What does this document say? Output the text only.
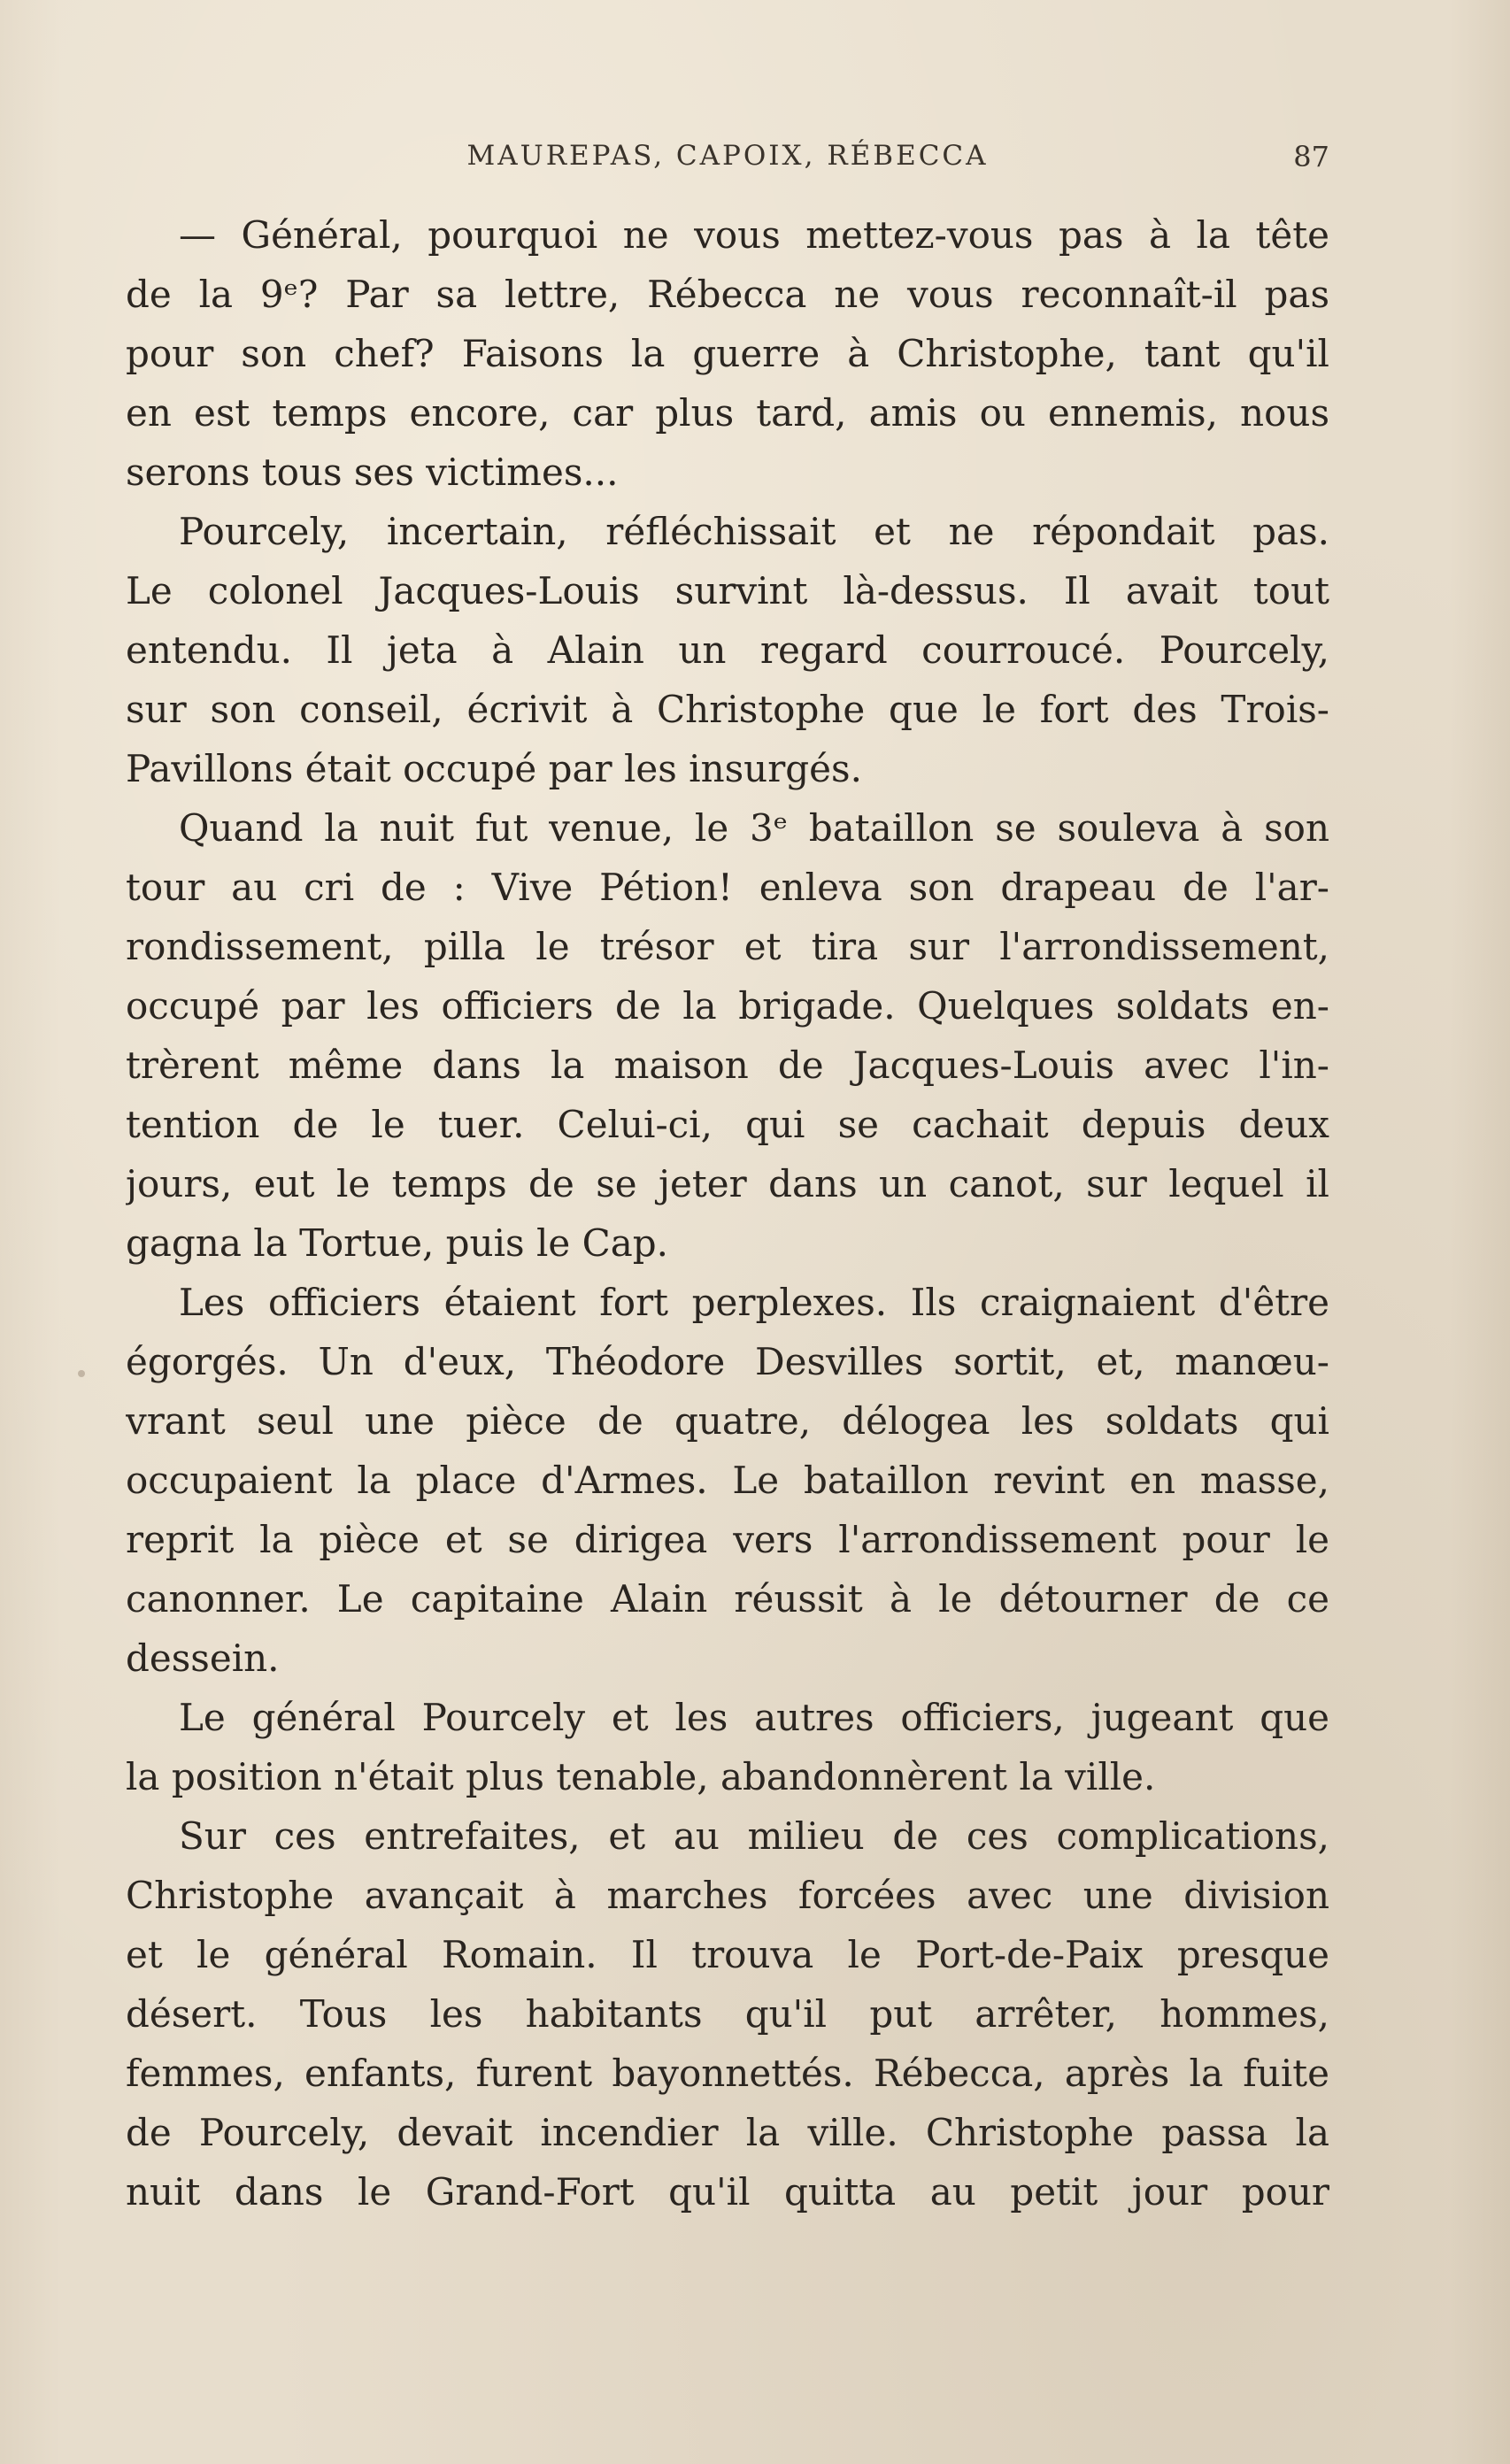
MAUREPAS, CAPOIX, RÉBECCA	87
— Général, pourquoi ne vous mettez-vous pas à la tête
de la 9ᵉ? Par sa lettre, Rébecca ne vous reconnaît-il pas
pour son chef? Faisons la guerre à Christophe, tant qu'il
en est temps encore, car plus tard, amis ou ennemis, nous
serons tous ses victimes...
Pourcely, incertain, réfléchissait et ne répondait pas.
Le colonel Jacques-Louis survint là-dessus. Il avait tout
entendu. Il jeta à Alain un regard courroucé. Pourcely,
sur son conseil, écrivit à Christophe que le fort des Trois-
Pavillons était occupé par les insurgés.
Quand la nuit fut venue, le 3ᵉ bataillon se souleva à son
tour au cri de : Vive Pétion! enleva son drapeau de l'ar-
rondissement, pilla le trésor et tira sur l'arrondissement,
occupé par les officiers de la brigade. Quelques soldats en-
trèrent même dans la maison de Jacques-Louis avec l'in-
tention de le tuer. Celui-ci, qui se cachait depuis deux
jours, eut le temps de se jeter dans un canot, sur lequel il
gagna la Tortue, puis le Cap.
Les officiers étaient fort perplexes. Ils craignaient d'être
égorgés. Un d'eux, Théodore Desvilles sortit, et, manœu-
vrant seul une pièce de quatre, délogea les soldats qui
occupaient la place d'Armes. Le bataillon revint en masse,
reprit la pièce et se dirigea vers l'arrondissement pour le
canonner. Le capitaine Alain réussit à le détourner de ce
dessein.
Le général Pourcely et les autres officiers, jugeant que
la position n'était plus tenable, abandonnèrent la ville.
Sur ces entrefaites, et au milieu de ces complications,
Christophe avançait à marches forcées avec une division
et le général Romain. Il trouva le Port-de-Paix presque
désert. Tous les habitants qu'il put arrêter, hommes,
femmes, enfants, furent bayonnettés. Rébecca, après la fuite
de Pourcely, devait incendier la ville. Christophe passa la
nuit dans le Grand-Fort qu'il quitta au petit jour pour
